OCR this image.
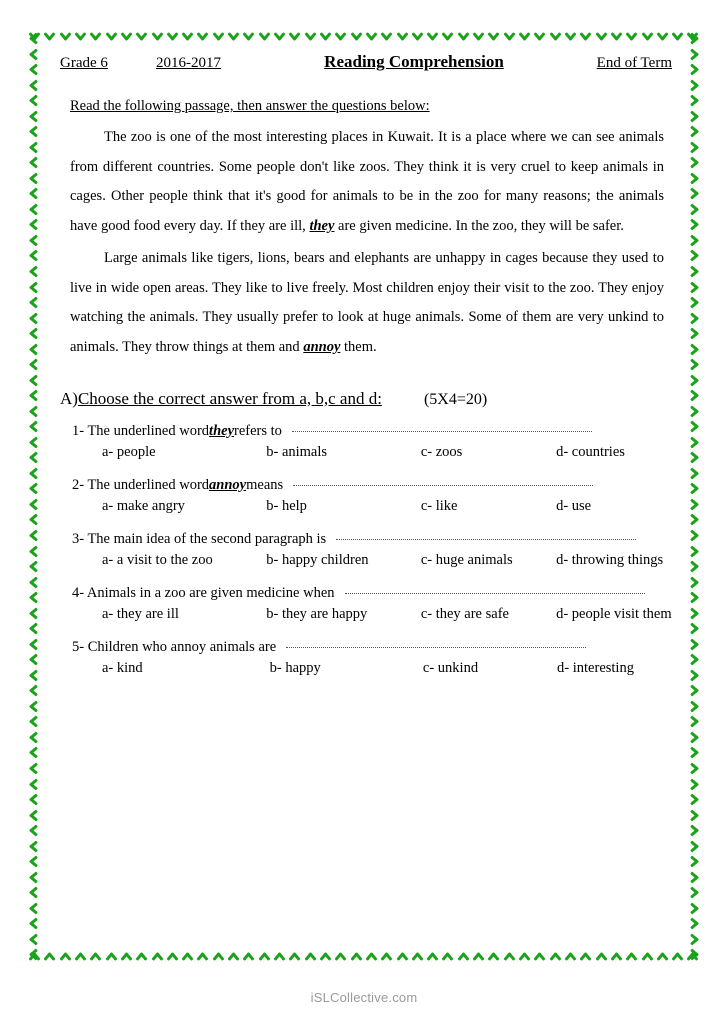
Grade 6	2016-2017	Reading Comprehension	End of Term
Read the following passage, then answer the questions below:

The zoo is one of the most interesting places in Kuwait. It is a place where we can see animals from different countries. Some people don't like zoos. They think it is very cruel to keep animals in cages. Other people think that it's good for animals to be in the zoo for many reasons; the animals have good food every day. If they are ill, they are given medicine. In the zoo, they will be safer.

Large animals like tigers, lions, bears and elephants are unhappy in cages because they used to live in wide open areas. They like to live freely. Most children enjoy their visit to the zoo. They enjoy watching the animals. They usually prefer to look at huge animals. Some of them are very unkind to animals. They throw things at them and annoy them.

A) Choose the correct answer from a, b,c and d:	(5X4=20)
1- The underlined word they refers to
a- people	b- animals	c- zoos	d- countries
2- The underlined word annoy means
a- make angry	b- help	c- like	d- use
3- The main idea of the second paragraph is
a- a visit to the zoo	b- happy children	c- huge animals	d- throwing things
4- Animals in a zoo are given medicine when
a- they are ill	b- they are happy	c- they are safe	d- people visit them
5- Children who annoy animals are
a- kind	b- happy	c- unkind	d- interesting
iSLCollective.com
